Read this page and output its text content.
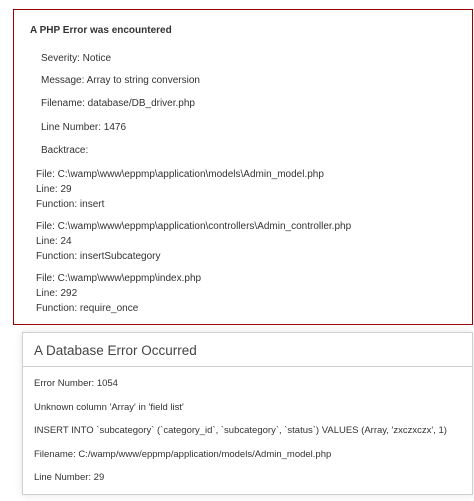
A PHP Error was encountered
Severity: Notice
Message: Array to string conversion
Filename: database/DB_driver.php
Line Number: 1476
Backtrace:
File: C:\wamp\www\eppmp\application\models\Admin_model.php
Line: 29
Function: insert
File: C:\wamp\www\eppmp\application\controllers\Admin_controller.php
Line: 24
Function: insertSubcategory
File: C:\wamp\www\eppmp\index.php
Line: 292
Function: require_once
A Database Error Occurred
Error Number: 1054
Unknown column 'Array' in 'field list'
INSERT INTO `subcategory` (`category_id`, `subcategory`, `status`) VALUES (Array, 'zxczxczx', 1)
Filename: C:/wamp/www/eppmp/application/models/Admin_model.php
Line Number: 29
